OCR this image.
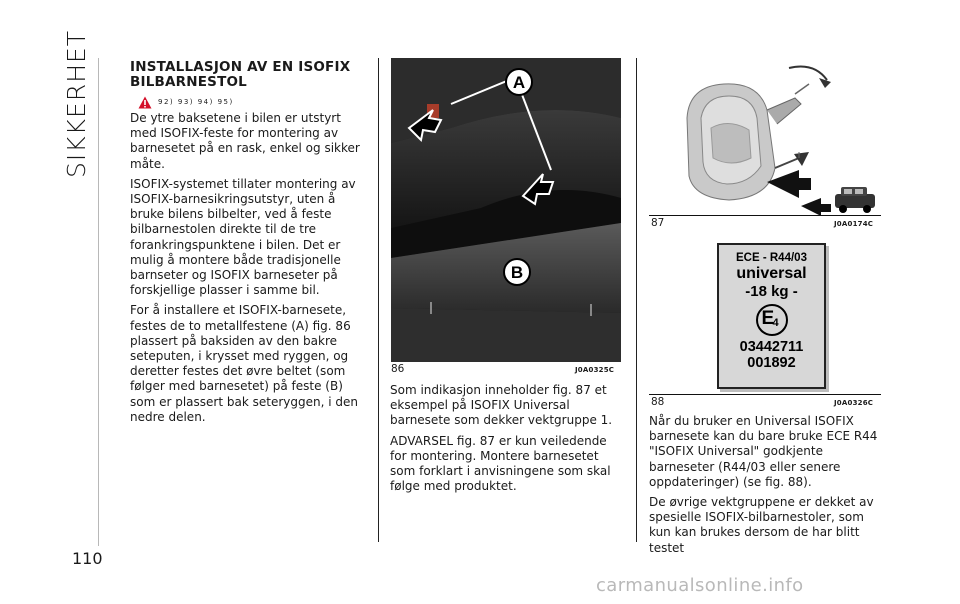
SIKKERHET	INSTALLASJON AV EN ISOFIX
BILBARNESTOL
92) 93) 94) 95)

De ytre baksetene i bilen er utstyrt med ISOFIX-feste for montering av barnesetet på en rask, enkel og sikker måte.

ISOFIX-systemet tillater montering av ISOFIX-barnesikringsutstyr, uten å bruke bilens bilbelter, ved å feste bilbarnestolen direkte til de tre forankringspunktene i bilen. Det er mulig å montere både tradisjonelle barnseter og ISOFIX barneseter på forskjellige plasser i samme bil.

For å installere et ISOFIX-barnesete, festes de to metallfestene (A) fig. 86 plassert på baksiden av den bakre seteputen, i krysset med ryggen, og deretter festes det øvre beltet (som følger med barnesetet) på feste (B) som er plassert bak seteryggen, i den nedre delen.

A
B
86	J0A0325C

Som indikasjon inneholder fig. 87 et eksempel på ISOFIX Universal barnesete som dekker vektgruppe 1.

ADVARSEL fig. 87 er kun veiledende for montering. Montere barnesetet som forklart i anvisningene som skal følge med produktet.

87	J0A0174C
ECE - R44/03
universal
-18 kg -
E
4
03442711
001892
88	J0A0326C

Når du bruker en Universal ISOFIX barnesete kan du bare bruke ECE R44 "ISOFIX Universal" godkjente barneseter (R44/03 eller senere oppdateringer) (se fig. 88).

De øvrige vektgruppene er dekket av spesielle ISOFIX-bilbarnestoler, som kun kan brukes dersom de har blitt testet

110
carmanualsonline.info
